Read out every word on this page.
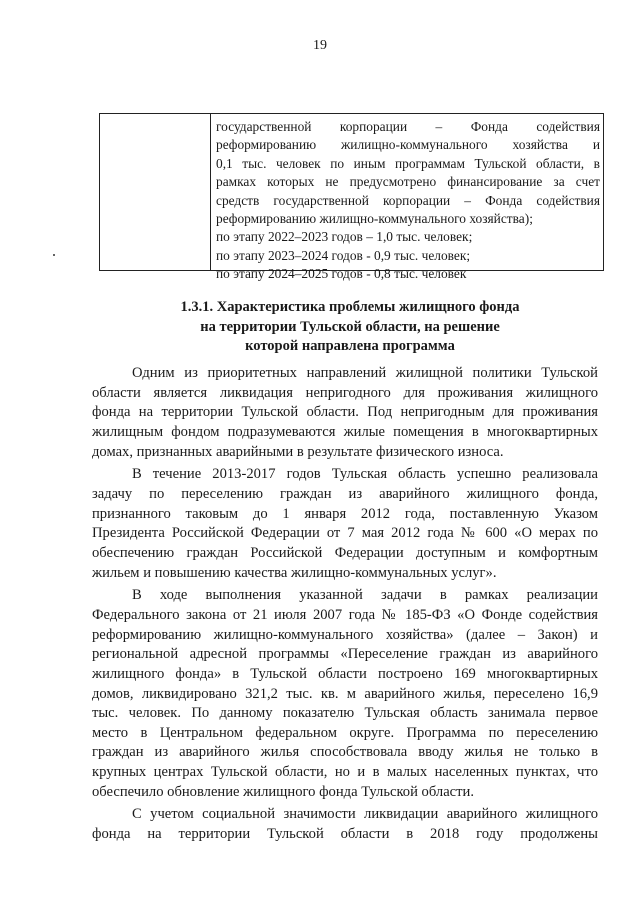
19
государственной корпорации – Фонда содействия
реформированию жилищно-коммунального хозяйства и
0,1 тыс. человек по иным программам Тульской области, в
рамках которых не предусмотрено финансирование за счет
средств государственной корпорации – Фонда содействия
реформированию жилищно-коммунального хозяйства);
по этапу 2022–2023 годов – 1,0 тыс. человек;
по этапу 2023–2024 годов - 0,9 тыс. человек;
по этапу 2024–2025 годов - 0,8 тыс. человек
1.3.1. Характеристика проблемы жилищного фонда
на территории Тульской области, на решение
которой направлена программа
Одним из приоритетных направлений жилищной политики Тульской
области является ликвидация непригодного для проживания жилищного
фонда на территории Тульской области. Под непригодным для проживания
жилищным фондом подразумеваются жилые помещения в многоквартирных
домах, признанных аварийными в результате физического износа.
В течение 2013-2017 годов Тульская область успешно реализовала
задачу по переселению граждан из аварийного жилищного фонда,
признанного таковым до 1 января 2012 года, поставленную Указом
Президента Российской Федерации от 7 мая 2012 года № 600 «О мерах по
обеспечению граждан Российской Федерации доступным и комфортным
жильем и повышению качества жилищно-коммунальных услуг».
В ходе выполнения указанной задачи в рамках реализации
Федерального закона от 21 июля 2007 года № 185-ФЗ «О Фонде содействия
реформированию жилищно-коммунального хозяйства» (далее – Закон) и
региональной адресной программы «Переселение граждан из аварийного
жилищного фонда» в Тульской области построено 169 многоквартирных
домов, ликвидировано 321,2 тыс. кв. м аварийного жилья, переселено 16,9
тыс. человек. По данному показателю Тульская область занимала первое
место в Центральном федеральном округе. Программа по переселению
граждан из аварийного жилья способствовала вводу жилья не только в
крупных центрах Тульской области, но и в малых населенных пунктах, что
обеспечило обновление жилищного фонда Тульской области.
С учетом социальной значимости ликвидации аварийного жилищного
фонда на территории Тульской области в 2018 году продолжены
